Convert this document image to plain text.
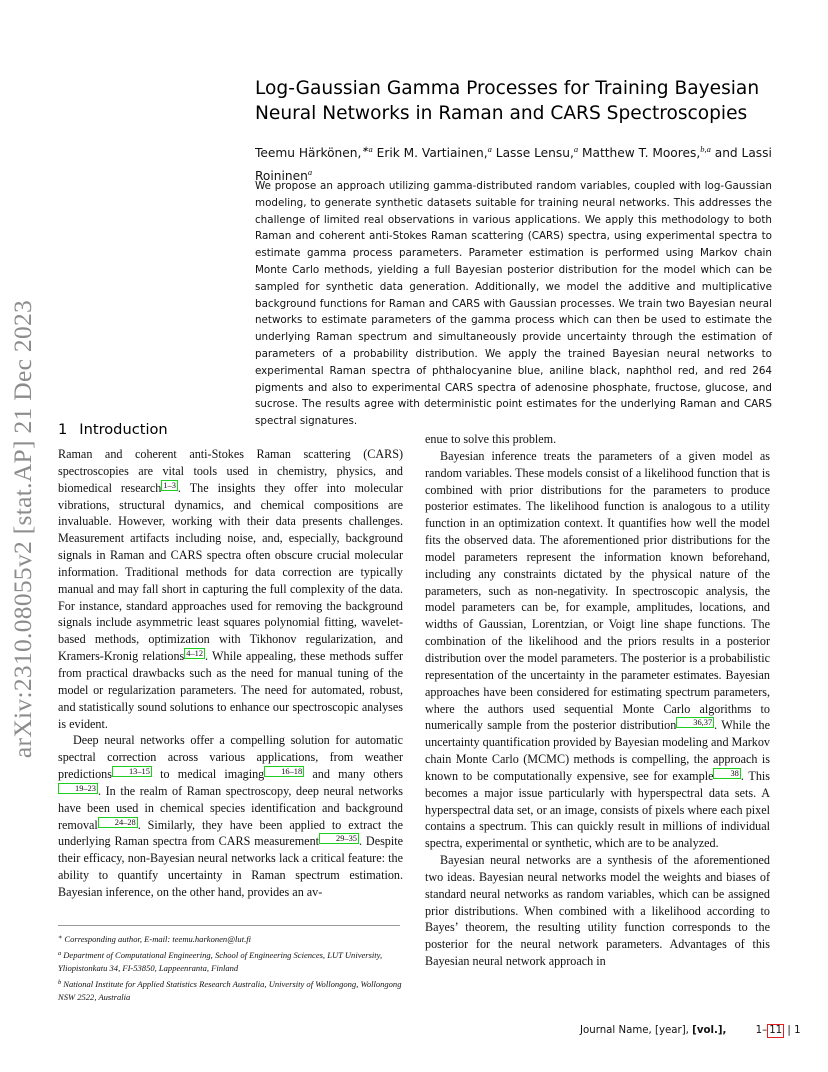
arXiv:2310.08055v2 [stat.AP] 21 Dec 2023
Log-Gaussian Gamma Processes for Training Bayesian
Neural Networks in Raman and CARS Spectroscopies
Teemu Härkönen,$^{∗a}$ Erik M. Vartiainen,$^a$ Lasse Lensu,$^a$ Matthew T. Moores,$^{b,a}$ and Lassi Roininen$^a$
We propose an approach utilizing gamma-distributed random variables, coupled with log-Gaussian modeling, to generate synthetic datasets suitable for training neural networks. This addresses the challenge of limited real observations in various applications. We apply this methodology to both Raman and coherent anti-Stokes Raman scattering (CARS) spectra, using experimental spectra to estimate gamma process parameters. Parameter estimation is performed using Markov chain Monte Carlo methods, yielding a full Bayesian posterior distribution for the model which can be sampled for synthetic data generation. Additionally, we model the additive and multiplicative background functions for Raman and CARS with Gaussian processes. We train two Bayesian neural networks to estimate parameters of the gamma process which can then be used to estimate the underlying Raman spectrum and simultaneously provide uncertainty through the estimation of parameters of a probability distribution. We apply the trained Bayesian neural networks to experimental Raman spectra of phthalocyanine blue, aniline black, naphthol red, and red 264 pigments and also to experimental CARS spectra of adenosine phosphate, fructose, glucose, and sucrose. The results agree with deterministic point estimates for the underlying Raman and CARS spectral signatures.
1 Introduction

Raman and coherent anti-Stokes Raman scattering (CARS) spectroscopies are vital tools used in chemistry, physics, and biomedical research 1–3 . The insights they offer into molecular vibrations, structural dynamics, and chemical compositions are invaluable. However, working with their data presents challenges. Measurement artifacts including noise, and, especially, background signals in Raman and CARS spectra often obscure crucial molecular information. Traditional methods for data correction are typically manual and may fall short in capturing the full complexity of the data. For instance, standard approaches used for removing the background signals include asymmetric least squares polynomial fitting, wavelet-based methods, optimization with Tikhonov regularization, and Kramers-Kronig relations 4–12 . While appealing, these methods suffer from practical drawbacks such as the need for manual tuning of the model or regularization parameters. The need for automated, robust, and statistically sound solutions to enhance our spectroscopic analyses is evident.

Deep neural networks offer a compelling solution for automatic spectral correction across various applications, from weather predictions 13–15 to medical imaging 16–18 and many others19–23 . In the realm of Raman spectroscopy, deep neural networks have been used in chemical species identification and background removal 24–28 . Similarly, they have been applied to extract the underlying Raman spectra from CARS measurement 29–35 . Despite their efficacy, non-Bayesian neural networks lack a critical feature: the ability to quantify uncertainty in Raman spectrum estimation. Bayesian inference, on the other hand, provides an av-

enue to solve this problem.

Bayesian inference treats the parameters of a given model as random variables. These models consist of a likelihood function that is combined with prior distributions for the parameters to produce posterior estimates. The likelihood function is analogous to a utility function in an optimization context. It quantifies how well the model fits the observed data. The aforementioned prior distributions for the model parameters represent the information known beforehand, including any constraints dictated by the physical nature of the parameters, such as non-negativity. In spectroscopic analysis, the model parameters can be, for example, amplitudes, locations, and widths of Gaussian, Lorentzian, or Voigt line shape functions. The combination of the likelihood and the priors results in a posterior distribution over the model parameters. The posterior is a probabilistic representation of the uncertainty in the parameter estimates. Bayesian approaches have been considered for estimating spectrum parameters, where the authors used sequential Monte Carlo algorithms to numerically sample from the posterior distribution 36,37 . While the uncertainty quantification provided by Bayesian modeling and Markov chain Monte Carlo (MCMC) methods is compelling, the approach is known to be computationally expensive, see for example 38 . This becomes a major issue particularly with hyperspectral data sets. A hyperspectral data set, or an image, consists of pixels where each pixel contains a spectrum. This can quickly result in millions of individual spectra, experimental or synthetic, which are to be analyzed.

Bayesian neural networks are a synthesis of the aforementioned two ideas. Bayesian neural networks model the weights and biases of standard neural networks as random variables, which can be assigned prior distributions. When combined with a likelihood according to Bayes’ theorem, the resulting utility function corresponds to the posterior for the neural network parameters. Advantages of this Bayesian neural network approach in

∗ Corresponding author, E-mail: teemu.harkonen@lut.fi

$^a$ Department of Computational Engineering, School of Engineering Sciences, LUT University, Yliopistonkatu 34, FI-53850, Lappeenranta, Finland

$^b$ National Institute for Applied Statistics Research Australia, University of Wollongong, Wollongong NSW 2522, Australia

Journal Name, [year], [vol.],	1– 11 | 1
